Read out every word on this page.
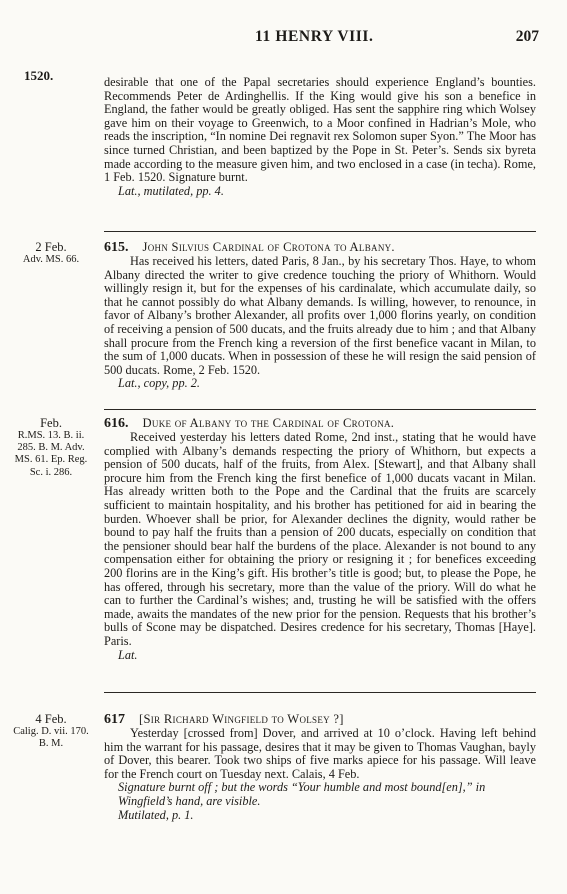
11 HENRY VIII.	207
1520.	desirable that one of the Papal secretaries should experience England’s bounties. Recommends Peter de Ardinghellis. If the King would give his son a benefice in England, the father would be greatly obliged. Has sent the sapphire ring which Wolsey gave him on their voyage to Greenwich, to a Moor confined in Hadrian’s Mole, who reads the inscription, “In nomine Dei regnavit rex Solomon super Syon.” The Moor has since turned Christian, and been baptized by the Pope in St. Peter’s. Sends six byreta made according to the measure given him, and two enclosed in a case (in techa). Rome, 1 Feb. 1520. Signature burnt.

Lat., mutilated, pp. 4.

2 Feb.
Adv. MS. 66.

615. John Silvius Cardinal of Crotona to Albany.

Has received his letters, dated Paris, 8 Jan., by his secretary Thos. Haye, to whom Albany directed the writer to give credence touching the priory of Whithorn. Would willingly resign it, but for the expenses of his cardinalate, which accumulate daily, so that he cannot possibly do what Albany demands. Is willing, however, to renounce, in favor of Albany’s brother Alexander, all profits over 1,000 florins yearly, on condition of receiving a pension of 500 ducats, and the fruits already due to him ; and that Albany shall procure from the French king a reversion of the first benefice vacant in Milan, to the sum of 1,000 ducats. When in possession of these he will resign the said pension of 500 ducats. Rome, 2 Feb. 1520.

Lat., copy, pp. 2.

Feb.
R.MS. 13. B. ii. 285. B. M. Adv. MS. 61. Ep. Reg. Sc. i. 286.

616. Duke of Albany to the Cardinal of Crotona.

Received yesterday his letters dated Rome, 2nd inst., stating that he would have complied with Albany’s demands respecting the priory of Whithorn, but expects a pension of 500 ducats, half of the fruits, from Alex. [Stewart], and that Albany shall procure him from the French king the first benefice of 1,000 ducats vacant in Milan. Has already written both to the Pope and the Cardinal that the fruits are scarcely sufficient to maintain hospitality, and his brother has petitioned for aid in bearing the burden. Whoever shall be prior, for Alexander declines the dignity, would rather be bound to pay half the fruits than a pension of 200 ducats, especially on condition that the pensioner should bear half the burdens of the place. Alexander is not bound to any compensation either for obtaining the priory or resigning it ; for benefices exceeding 200 florins are in the King’s gift. His brother’s title is good; but, to please the Pope, he has offered, through his secretary, more than the value of the priory. Will do what he can to further the Cardinal’s wishes; and, trusting he will be satisfied with the offers made, awaits the mandates of the new prior for the pension. Requests that his brother’s bulls of Scone may be dispatched. Desires credence for his secretary, Thomas [Haye]. Paris.

Lat.

4 Feb.
Calig. D. vii. 170. B. M.

617 [Sir Richard Wingfield to Wolsey ?]

Yesterday [crossed from] Dover, and arrived at 10 o’clock. Having left behind him the warrant for his passage, desires that it may be given to Thomas Vaughan, bayly of Dover, this bearer. Took two ships of five marks apiece for his passage. Will leave for the French court on Tuesday next. Calais, 4 Feb.

Signature burnt off ; but the words “Your humble and most bound[en],” in Wingfield’s hand, are visible.

Mutilated, p. 1.
